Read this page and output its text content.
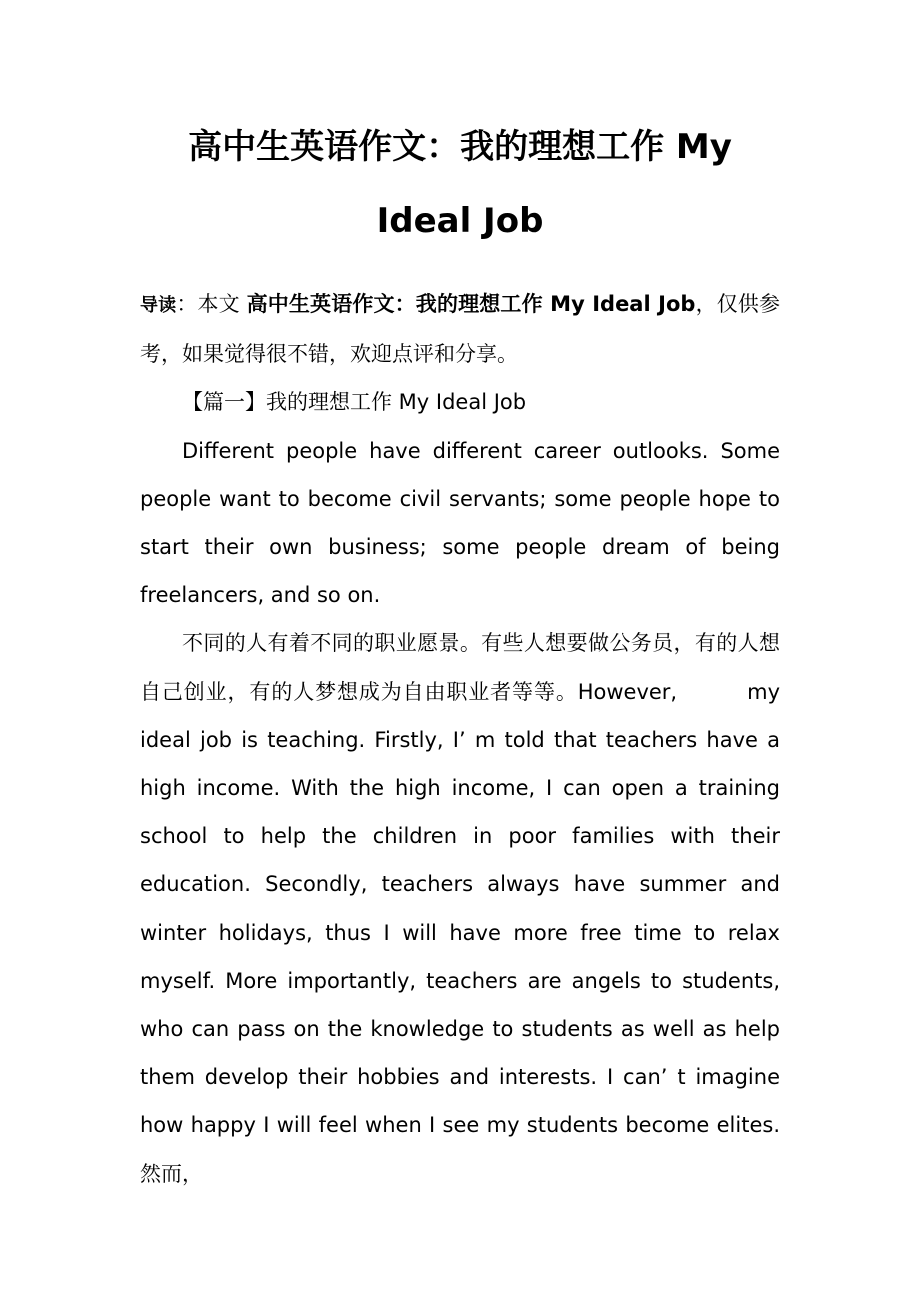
高中生英语作文：我的理想工作 My Ideal Job

导读：本文 高中生英语作文：我的理想工作 My Ideal Job，仅供参考，如果觉得很不错，欢迎点评和分享。

【篇一】我的理想工作 My Ideal Job

Different people have different career outlooks. Some people want to become civil servants; some people hope to start their own business; some people dream of being freelancers, and so on.

不同的人有着不同的职业愿景。有些人想要做公务员，有的人想自己创业，有的人梦想成为自由职业者等等。However,	my ideal job is teaching. Firstly, I’ m told that teachers have a high income. With the high income, I can open a training school to help the children in poor families with their education. Secondly, teachers always have summer and winter holidays, thus I will have more free time to relax myself. More importantly, teachers are angels to students, who can pass on the knowledge to students as well as help them develop their hobbies and interests. I can’ t imagine how happy I will feel when I see my students become elites.然而，
